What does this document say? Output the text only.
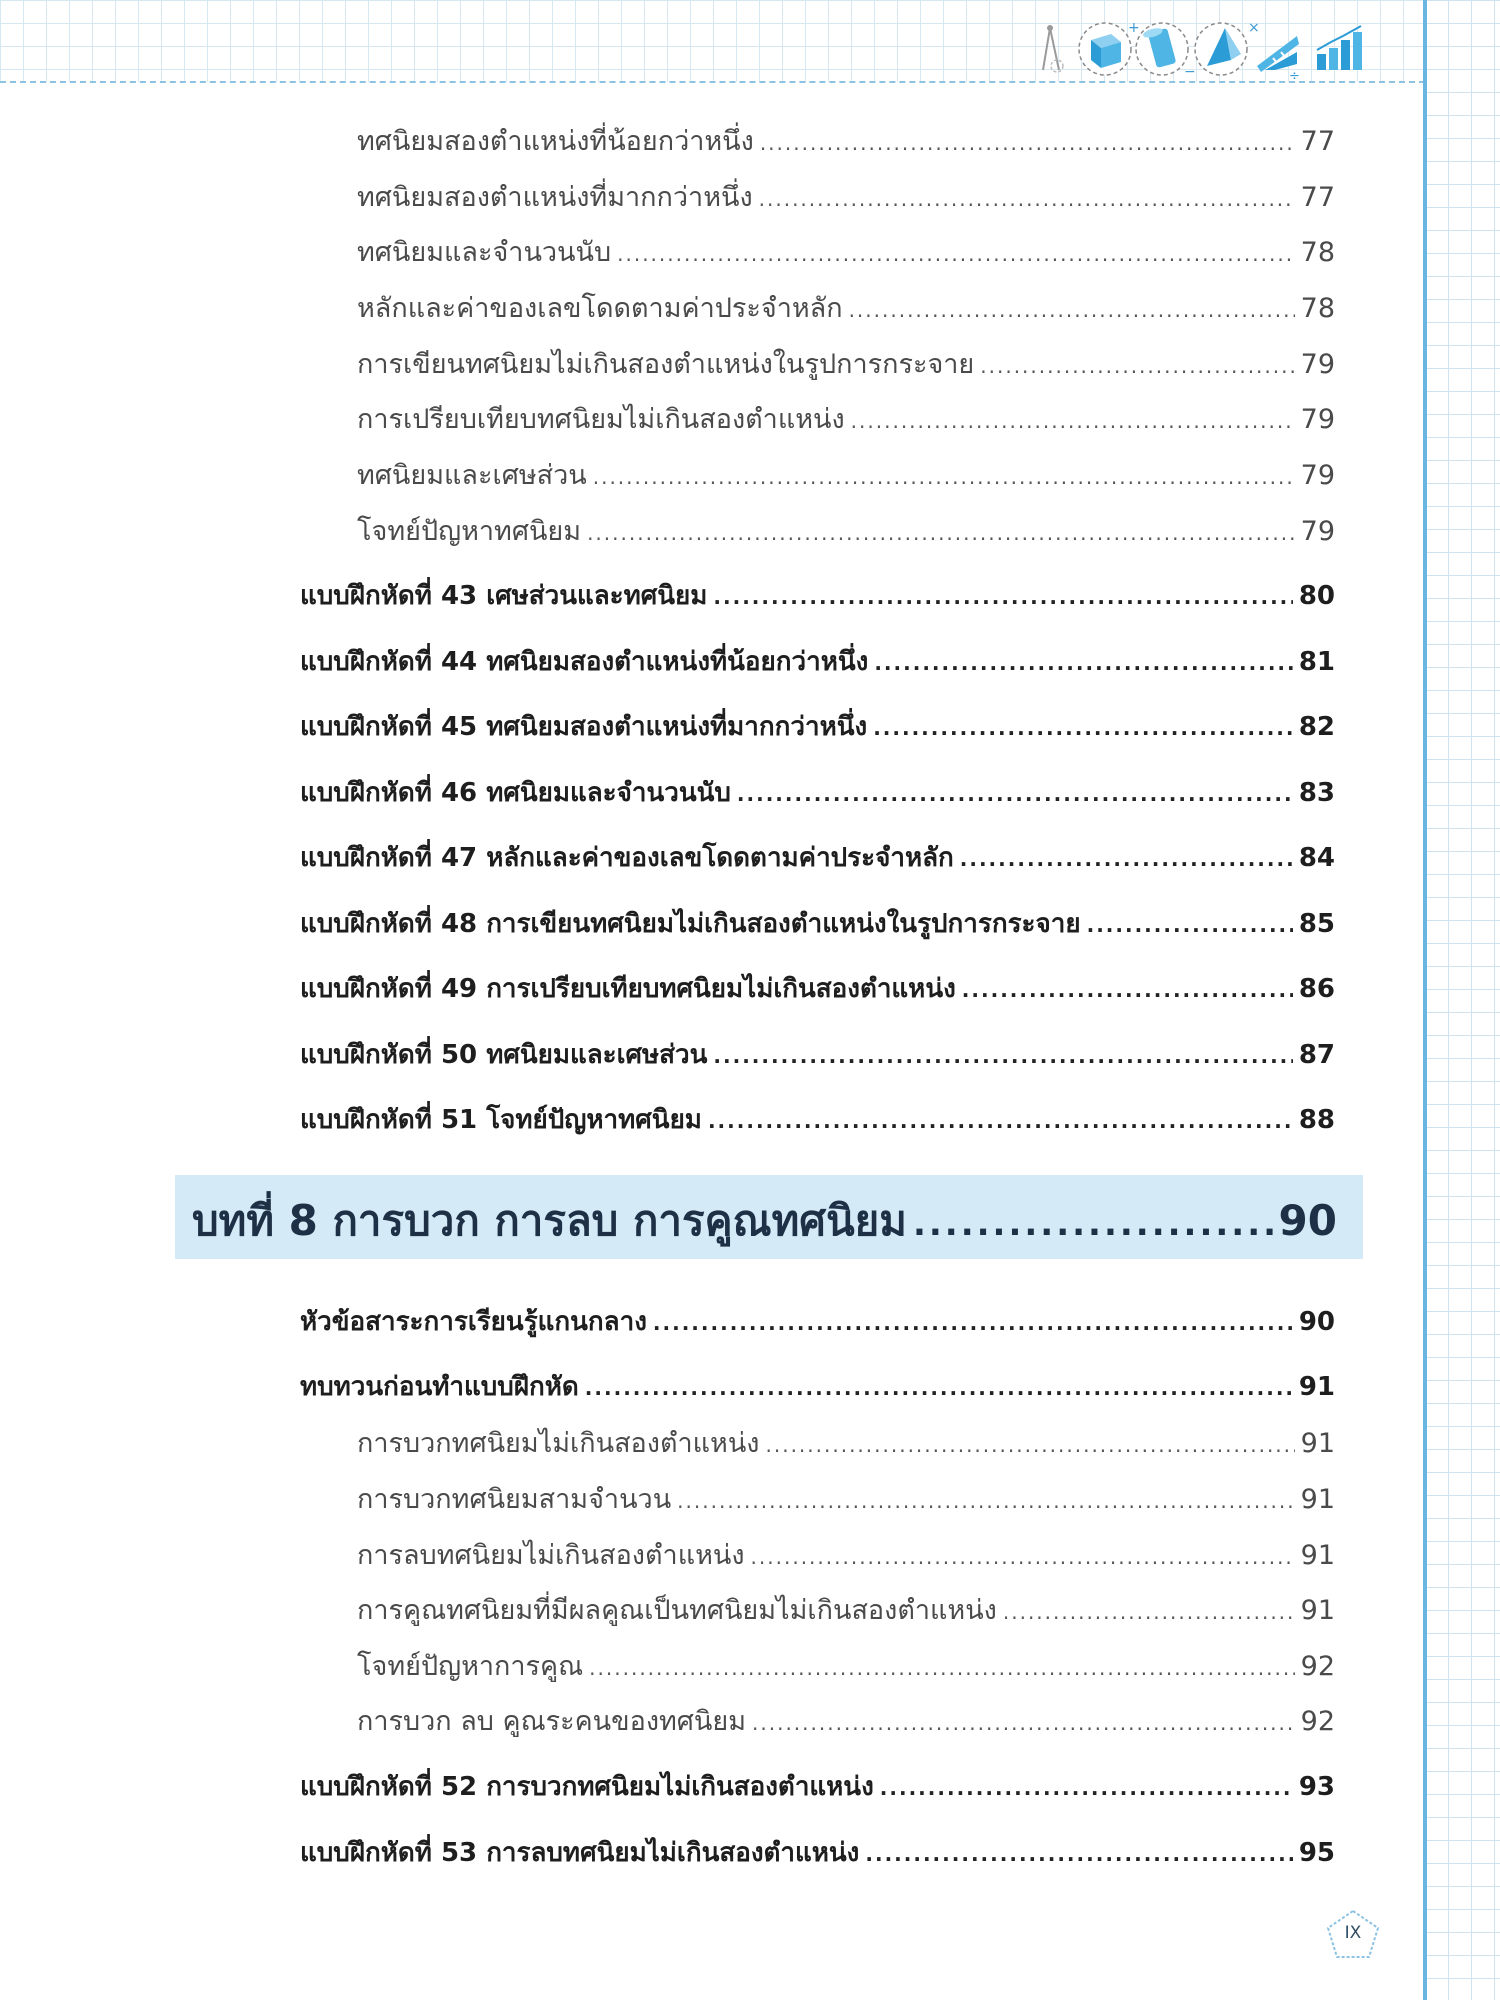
+
−
×
÷
ทศนิยมสองตำแหน่งที่น้อยกว่าหนึ่ง .....	77
ทศนิยมสองตำแหน่งที่มากกว่าหนึ่ง .....	77
ทศนิยมและจำนวนนับ .....	78
หลักและค่าของเลขโดดตามค่าประจำหลัก .....	78
การเขียนทศนิยมไม่เกินสองตำแหน่งในรูปการกระจาย .....	79
การเปรียบเทียบทศนิยมไม่เกินสองตำแหน่ง .....	79
ทศนิยมและเศษส่วน .....	79
โจทย์ปัญหาทศนิยม .....	79
แบบฝึกหัดที่ 43 เศษส่วนและทศนิยม .....	80
แบบฝึกหัดที่ 44 ทศนิยมสองตำแหน่งที่น้อยกว่าหนึ่ง .....	81
แบบฝึกหัดที่ 45 ทศนิยมสองตำแหน่งที่มากกว่าหนึ่ง .....	82
แบบฝึกหัดที่ 46 ทศนิยมและจำนวนนับ .....	83
แบบฝึกหัดที่ 47 หลักและค่าของเลขโดดตามค่าประจำหลัก .....	84
แบบฝึกหัดที่ 48 การเขียนทศนิยมไม่เกินสองตำแหน่งในรูปการกระจาย .....	85
แบบฝึกหัดที่ 49 การเปรียบเทียบทศนิยมไม่เกินสองตำแหน่ง .....	86
แบบฝึกหัดที่ 50 ทศนิยมและเศษส่วน .....	87
แบบฝึกหัดที่ 51 โจทย์ปัญหาทศนิยม .....	88
บทที่ 8 การบวก การลบ การคูณทศนิยม .....	90
หัวข้อสาระการเรียนรู้แกนกลาง .....	90
ทบทวนก่อนทำแบบฝึกหัด .....	91
การบวกทศนิยมไม่เกินสองตำแหน่ง .....	91
การบวกทศนิยมสามจำนวน .....	91
การลบทศนิยมไม่เกินสองตำแหน่ง .....	91
การคูณทศนิยมที่มีผลคูณเป็นทศนิยมไม่เกินสองตำแหน่ง .....	91
โจทย์ปัญหาการคูณ .....	92
การบวก ลบ คูณระคนของทศนิยม .....	92
แบบฝึกหัดที่ 52 การบวกทศนิยมไม่เกินสองตำแหน่ง .....	93
แบบฝึกหัดที่ 53 การลบทศนิยมไม่เกินสองตำแหน่ง .....	95
IX
